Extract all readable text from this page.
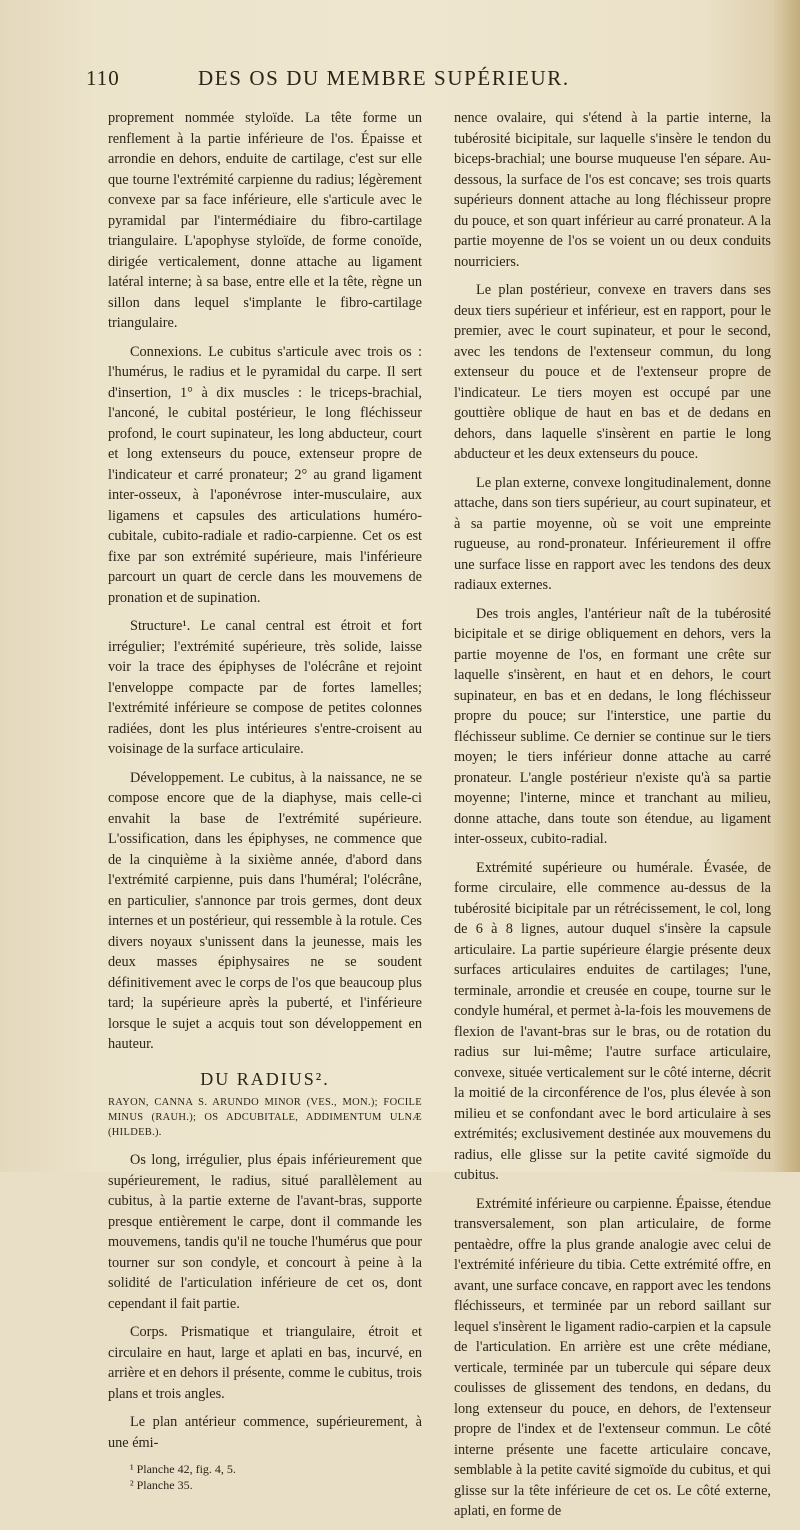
110	DES OS DU MEMBRE SUPÉRIEUR.

proprement nommée styloïde. La tête forme un renflement à la partie inférieure de l'os. Épaisse et arrondie en dehors, enduite de cartilage, c'est sur elle que tourne l'extrémité carpienne du radius; légèrement convexe par sa face inférieure, elle s'articule avec le pyramidal par l'intermédiaire du fibro-cartilage triangulaire. L'apophyse styloïde, de forme conoïde, dirigée verticalement, donne attache au ligament latéral interne; à sa base, entre elle et la tête, règne un sillon dans lequel s'implante le fibro-cartilage triangulaire.

Connexions. Le cubitus s'articule avec trois os : l'humérus, le radius et le pyramidal du carpe. Il sert d'insertion, 1° à dix muscles : le triceps-brachial, l'anconé, le cubital postérieur, le long fléchisseur profond, le court supinateur, les long abducteur, court et long extenseurs du pouce, extenseur propre de l'indicateur et carré pronateur; 2° au grand ligament inter-osseux, à l'aponévrose inter-musculaire, aux ligamens et capsules des articulations huméro-cubitale, cubito-radiale et radio-carpienne. Cet os est fixe par son extrémité supérieure, mais l'inférieure parcourt un quart de cercle dans les mouvemens de pronation et de supination.

Structure¹. Le canal central est étroit et fort irrégulier; l'extrémité supérieure, très solide, laisse voir la trace des épiphyses de l'olécrâne et rejoint l'enveloppe compacte par de fortes lamelles; l'extrémité inférieure se compose de petites colonnes radiées, dont les plus intérieures s'entre-croisent au voisinage de la surface articulaire.

Développement. Le cubitus, à la naissance, ne se compose encore que de la diaphyse, mais celle-ci envahit la base de l'extrémité supérieure. L'ossification, dans les épiphyses, ne commence que de la cinquième à la sixième année, d'abord dans l'extrémité carpienne, puis dans l'huméral; l'olécrâne, en particulier, s'annonce par trois germes, dont deux internes et un postérieur, qui ressemble à la rotule. Ces divers noyaux s'unissent dans la jeunesse, mais les deux masses épiphysaires ne se soudent définitivement avec le corps de l'os que beaucoup plus tard; la supérieure après la puberté, et l'inférieure lorsque le sujet a acquis tout son développement en hauteur.

DU RADIUS².
RAYON, CANNA S. ARUNDO MINOR (VES., MON.); FOCILE MINUS (RAUH.); OS ADCUBITALE, ADDIMENTUM ULNÆ (HILDEB.).

Os long, irrégulier, plus épais inférieurement que supérieurement, le radius, situé parallèlement au cubitus, à la partie externe de l'avant-bras, supporte presque entièrement le carpe, dont il commande les mouvemens, tandis qu'il ne touche l'humérus que pour tourner sur son condyle, et concourt à peine à la solidité de l'articulation inférieure de cet os, dont cependant il fait partie.

Corps. Prismatique et triangulaire, étroit et circulaire en haut, large et aplati en bas, incurvé, en arrière et en dehors il présente, comme le cubitus, trois plans et trois angles.

Le plan antérieur commence, supérieurement, à une émi-

¹ Planche 42, fig. 4, 5.
² Planche 35.

nence ovalaire, qui s'étend à la partie interne, la tubérosité bicipitale, sur laquelle s'insère le tendon du biceps-brachial; une bourse muqueuse l'en sépare. Au-dessous, la surface de l'os est concave; ses trois quarts supérieurs donnent attache au long fléchisseur propre du pouce, et son quart inférieur au carré pronateur. A la partie moyenne de l'os se voient un ou deux conduits nourriciers.

Le plan postérieur, convexe en travers dans ses deux tiers supérieur et inférieur, est en rapport, pour le premier, avec le court supinateur, et pour le second, avec les tendons de l'extenseur commun, du long extenseur du pouce et de l'extenseur propre de l'indicateur. Le tiers moyen est occupé par une gouttière oblique de haut en bas et de dedans en dehors, dans laquelle s'insèrent en partie le long abducteur et les deux extenseurs du pouce.

Le plan externe, convexe longitudinalement, donne attache, dans son tiers supérieur, au court supinateur, et à sa partie moyenne, où se voit une empreinte rugueuse, au rond-pronateur. Inférieurement il offre une surface lisse en rapport avec les tendons des deux radiaux externes.

Des trois angles, l'antérieur naît de la tubérosité bicipitale et se dirige obliquement en dehors, vers la partie moyenne de l'os, en formant une crête sur laquelle s'insèrent, en haut et en dehors, le court supinateur, en bas et en dedans, le long fléchisseur propre du pouce; sur l'interstice, une partie du fléchisseur sublime. Ce dernier se continue sur le tiers moyen; le tiers inférieur donne attache au carré pronateur. L'angle postérieur n'existe qu'à sa partie moyenne; l'interne, mince et tranchant au milieu, donne attache, dans toute son étendue, au ligament inter-osseux, cubito-radial.

Extrémité supérieure ou humérale. Évasée, de forme circulaire, elle commence au-dessus de la tubérosité bicipitale par un rétrécissement, le col, long de 6 à 8 lignes, autour duquel s'insère la capsule articulaire. La partie supérieure élargie présente deux surfaces articulaires enduites de cartilages; l'une, terminale, arrondie et creusée en coupe, tourne sur le condyle huméral, et permet à-la-fois les mouvemens de flexion de l'avant-bras sur le bras, ou de rotation du radius sur lui-même; l'autre surface articulaire, convexe, située verticalement sur le côté interne, décrit la moitié de la circonférence de l'os, plus élevée à son milieu et se confondant avec le bord articulaire à ses extrémités; exclusivement destinée aux mouvemens du radius, elle glisse sur la petite cavité sigmoïde du cubitus.

Extrémité inférieure ou carpienne. Épaisse, étendue transversalement, son plan articulaire, de forme pentaèdre, offre la plus grande analogie avec celui de l'extrémité inférieure du tibia. Cette extrémité offre, en avant, une surface concave, en rapport avec les tendons fléchisseurs, et terminée par un rebord saillant sur lequel s'insèrent le ligament radio-carpien et la capsule de l'articulation. En arrière est une crête médiane, verticale, terminée par un tubercule qui sépare deux coulisses de glissement des tendons, en dedans, du long extenseur du pouce, en dehors, de l'extenseur propre de l'index et de l'extenseur commun. Le côté interne présente une facette articulaire concave, semblable à la petite cavité sigmoïde du cubitus, et qui glisse sur la tête inférieure de cet os. Le côté externe, aplati, en forme de
